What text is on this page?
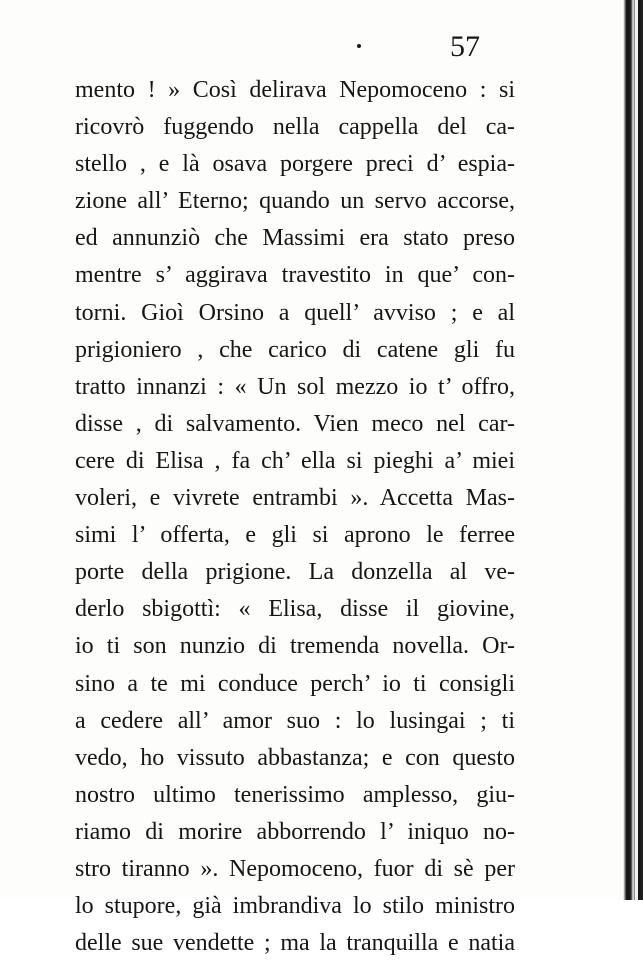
57
mento ! » Così delirava Nepomoceno : si
ricovrò fuggendo nella cappella del ca-
stello , e là osava porgere preci d’ espia-
zione all’ Eterno; quando un servo accorse,
ed annunziò che Massimi era stato preso
mentre s’ aggirava travestito in que’ con-
torni. Gioì Orsino a quell’ avviso ; e al
prigioniero , che carico di catene gli fu
tratto innanzi : « Un sol mezzo io t’ offro,
disse , di salvamento. Vien meco nel car-
cere di Elisa , fa ch’ ella si pieghi a’ miei
voleri, e vivrete entrambi ». Accetta Mas-
simi l’ offerta, e gli si aprono le ferree
porte della prigione. La donzella al ve-
derlo sbigottì: « Elisa, disse il giovine,
io ti son nunzio di tremenda novella. Or-
sino a te mi conduce perch’ io ti consigli
a cedere all’ amor suo : lo lusingai ; ti
vedo, ho vissuto abbastanza; e con questo
nostro ultimo tenerissimo amplesso, giu-
riamo di morire abborrendo l’ iniquo no-
stro tiranno ». Nepomoceno, fuor di sè per
lo stupore, già imbrandiva lo stilo ministro
delle sue vendette ; ma la tranquilla e natia
